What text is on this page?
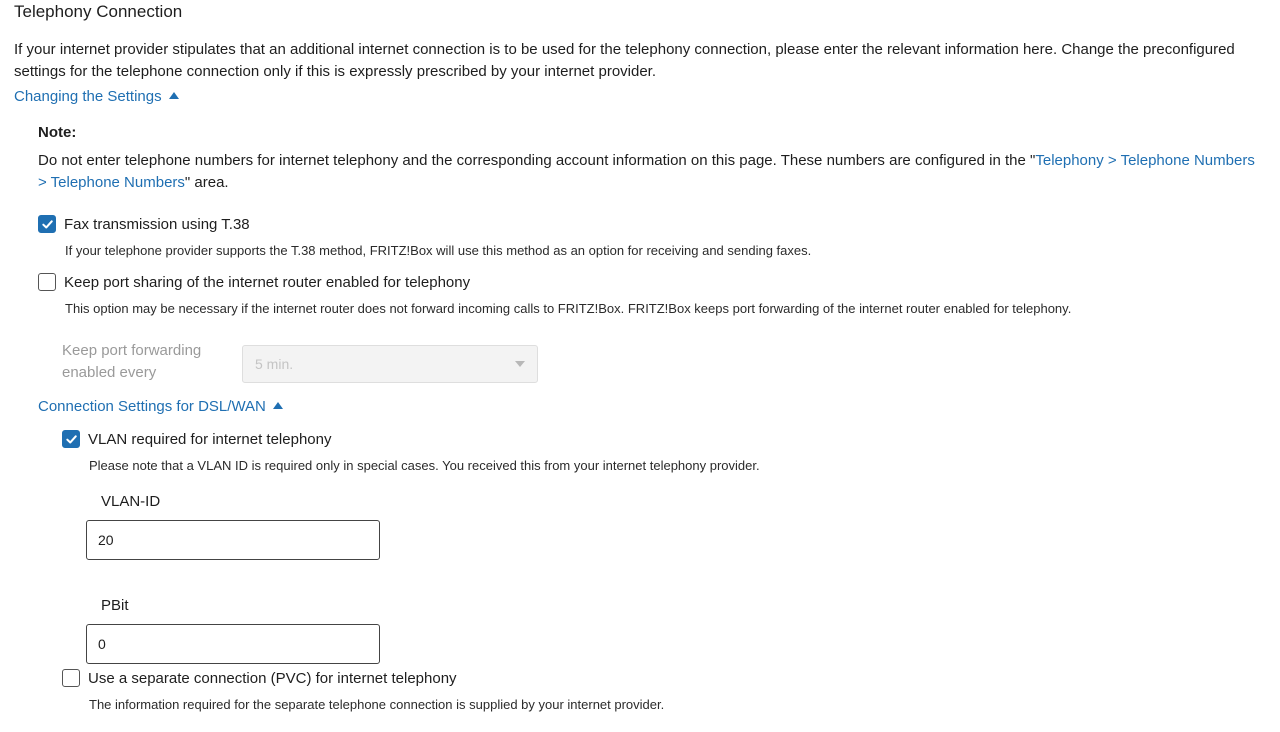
Telephony Connection
If your internet provider stipulates that an additional internet connection is to be used for the telephony connection, please enter the relevant information here. Change the preconfigured settings for the telephone connection only if this is expressly prescribed by your internet provider.
Changing the Settings
Note:
Do not enter telephone numbers for internet telephony and the corresponding account information on this page. These numbers are configured in the "Telephony > Telephone Numbers > Telephone Numbers" area.
Fax transmission using T.38
If your telephone provider supports the T.38 method, FRITZ!Box will use this method as an option for receiving and sending faxes.
Keep port sharing of the internet router enabled for telephony
This option may be necessary if the internet router does not forward incoming calls to FRITZ!Box. FRITZ!Box keeps port forwarding of the internet router enabled for telephony.
Keep port forwarding enabled every	5 min.
Connection Settings for DSL/WAN
VLAN required for internet telephony
Please note that a VLAN ID is required only in special cases. You received this from your internet telephony provider.
VLAN-ID
20
PBit
0
Use a separate connection (PVC) for internet telephony
The information required for the separate telephone connection is supplied by your internet provider.
